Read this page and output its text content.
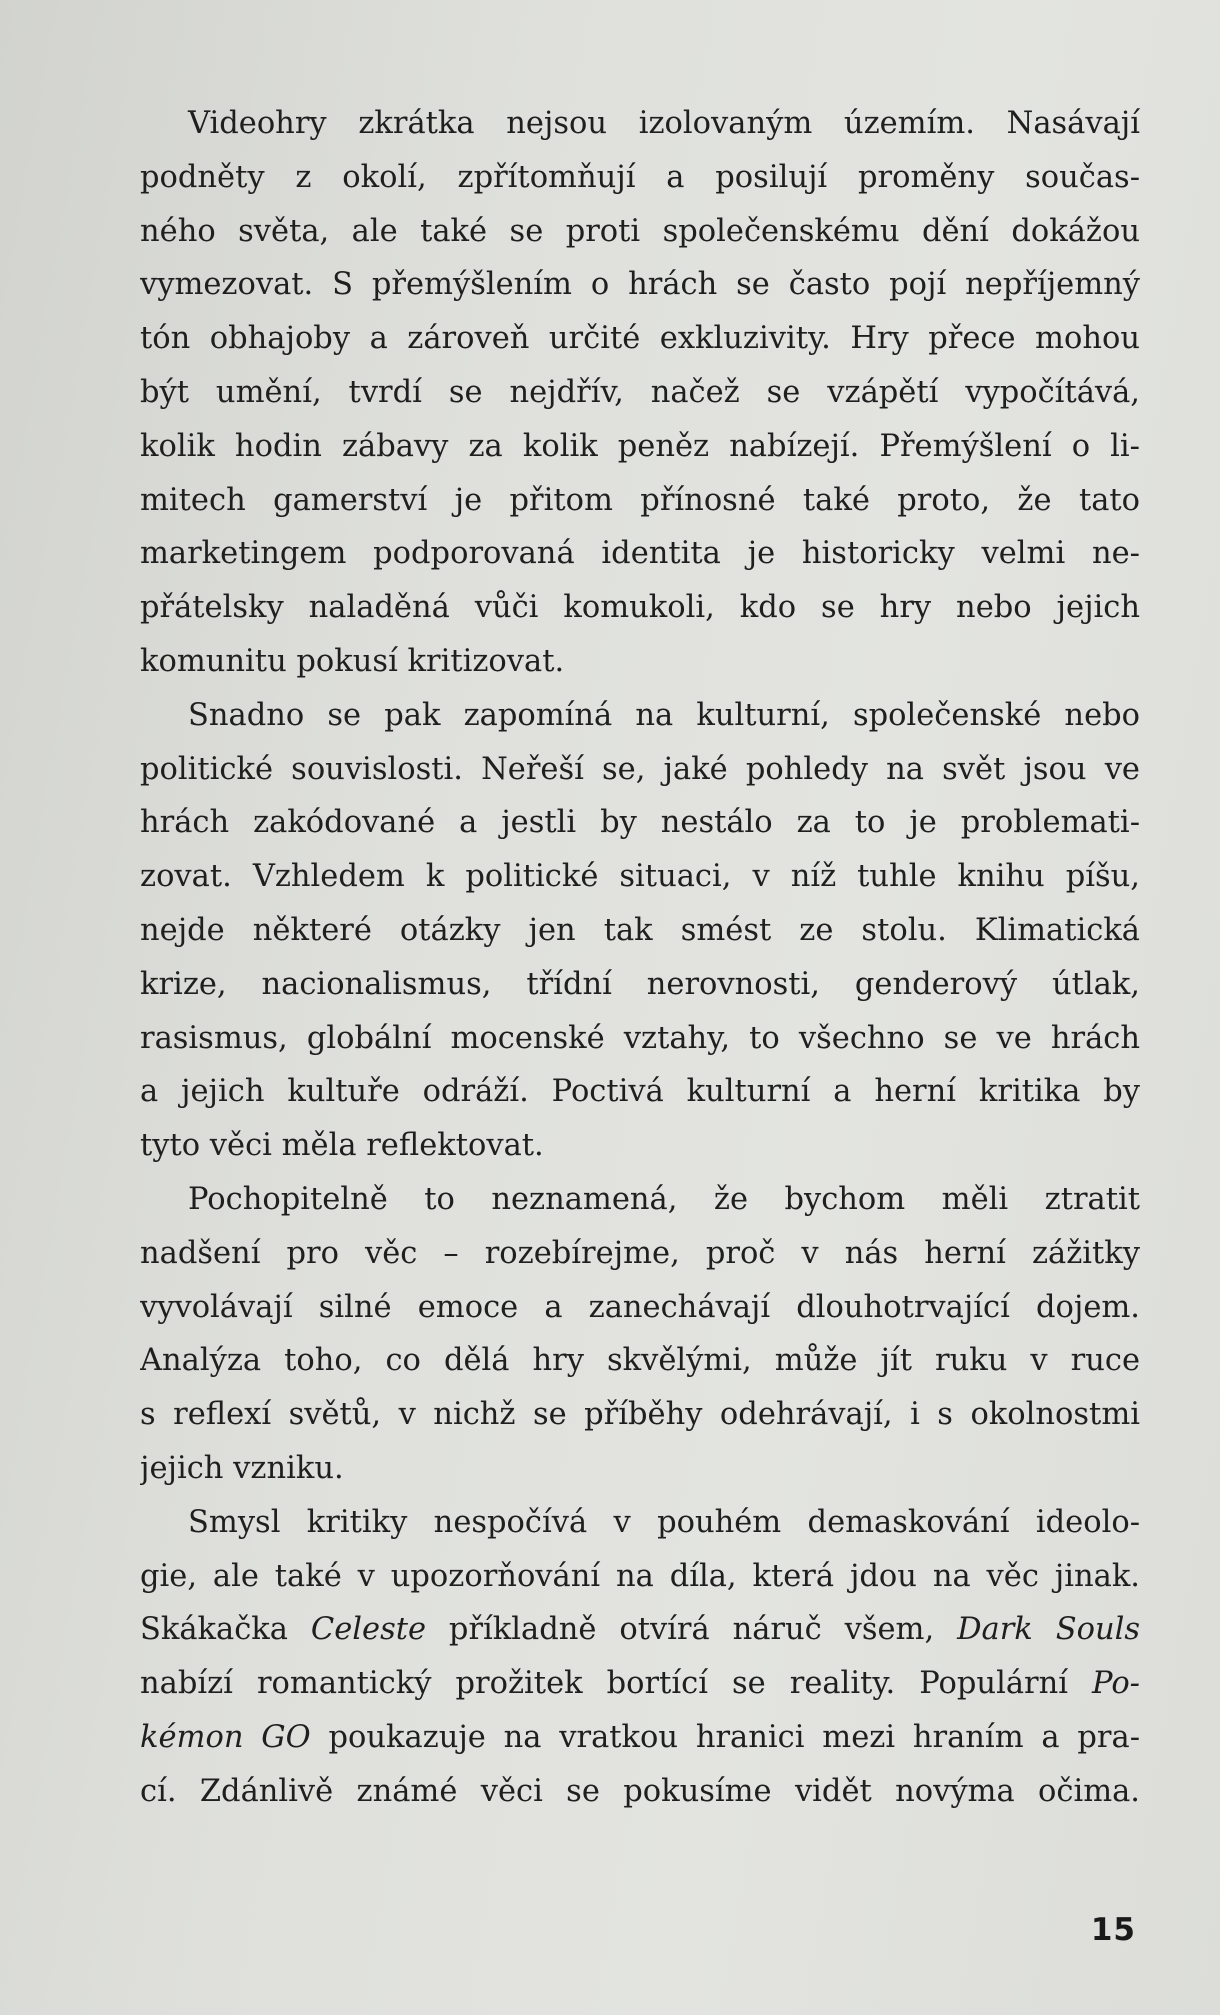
Videohry zkrátka nejsou izolovaným územím. Nasávají
podněty z okolí, zpřítomňují a posilují proměny součas-
ného světa, ale také se proti společenskému dění dokážou
vymezovat. S přemýšlením o hrách se často pojí nepříjemný
tón obhajoby a zároveň určité exkluzivity. Hry přece mohou
být umění, tvrdí se nejdřív, načež se vzápětí vypočítává,
kolik hodin zábavy za kolik peněz nabízejí. Přemýšlení o li-
mitech gamerství je přitom přínosné také proto, že tato
marketingem podporovaná identita je historicky velmi ne-
přátelsky naladěná vůči komukoli, kdo se hry nebo jejich
komunitu pokusí kritizovat.
Snadno se pak zapomíná na kulturní, společenské nebo
politické souvislosti. Neřeší se, jaké pohledy na svět jsou ve
hrách zakódované a jestli by nestálo za to je problemati-
zovat. Vzhledem k politické situaci, v níž tuhle knihu píšu,
nejde některé otázky jen tak smést ze stolu. Klimatická
krize, nacionalismus, třídní nerovnosti, genderový útlak,
rasismus, globální mocenské vztahy, to všechno se ve hrách
a jejich kultuře odráží. Poctivá kulturní a herní kritika by
tyto věci měla reflektovat.
Pochopitelně to neznamená, že bychom měli ztratit
nadšení pro věc – rozebírejme, proč v nás herní zážitky
vyvolávají silné emoce a zanechávají dlouhotrvající dojem.
Analýza toho, co dělá hry skvělými, může jít ruku v ruce
s reflexí světů, v nichž se příběhy odehrávají, i s okolnostmi
jejich vzniku.
Smysl kritiky nespočívá v pouhém demaskování ideolo-
gie, ale také v upozorňování na díla, která jdou na věc jinak.
Skákačka Celeste příkladně otvírá náruč všem, Dark Souls
nabízí romantický prožitek bortící se reality. Populární Po-
kémon GO poukazuje na vratkou hranici mezi hraním a pra-
cí. Zdánlivě známé věci se pokusíme vidět novýma očima.
15
